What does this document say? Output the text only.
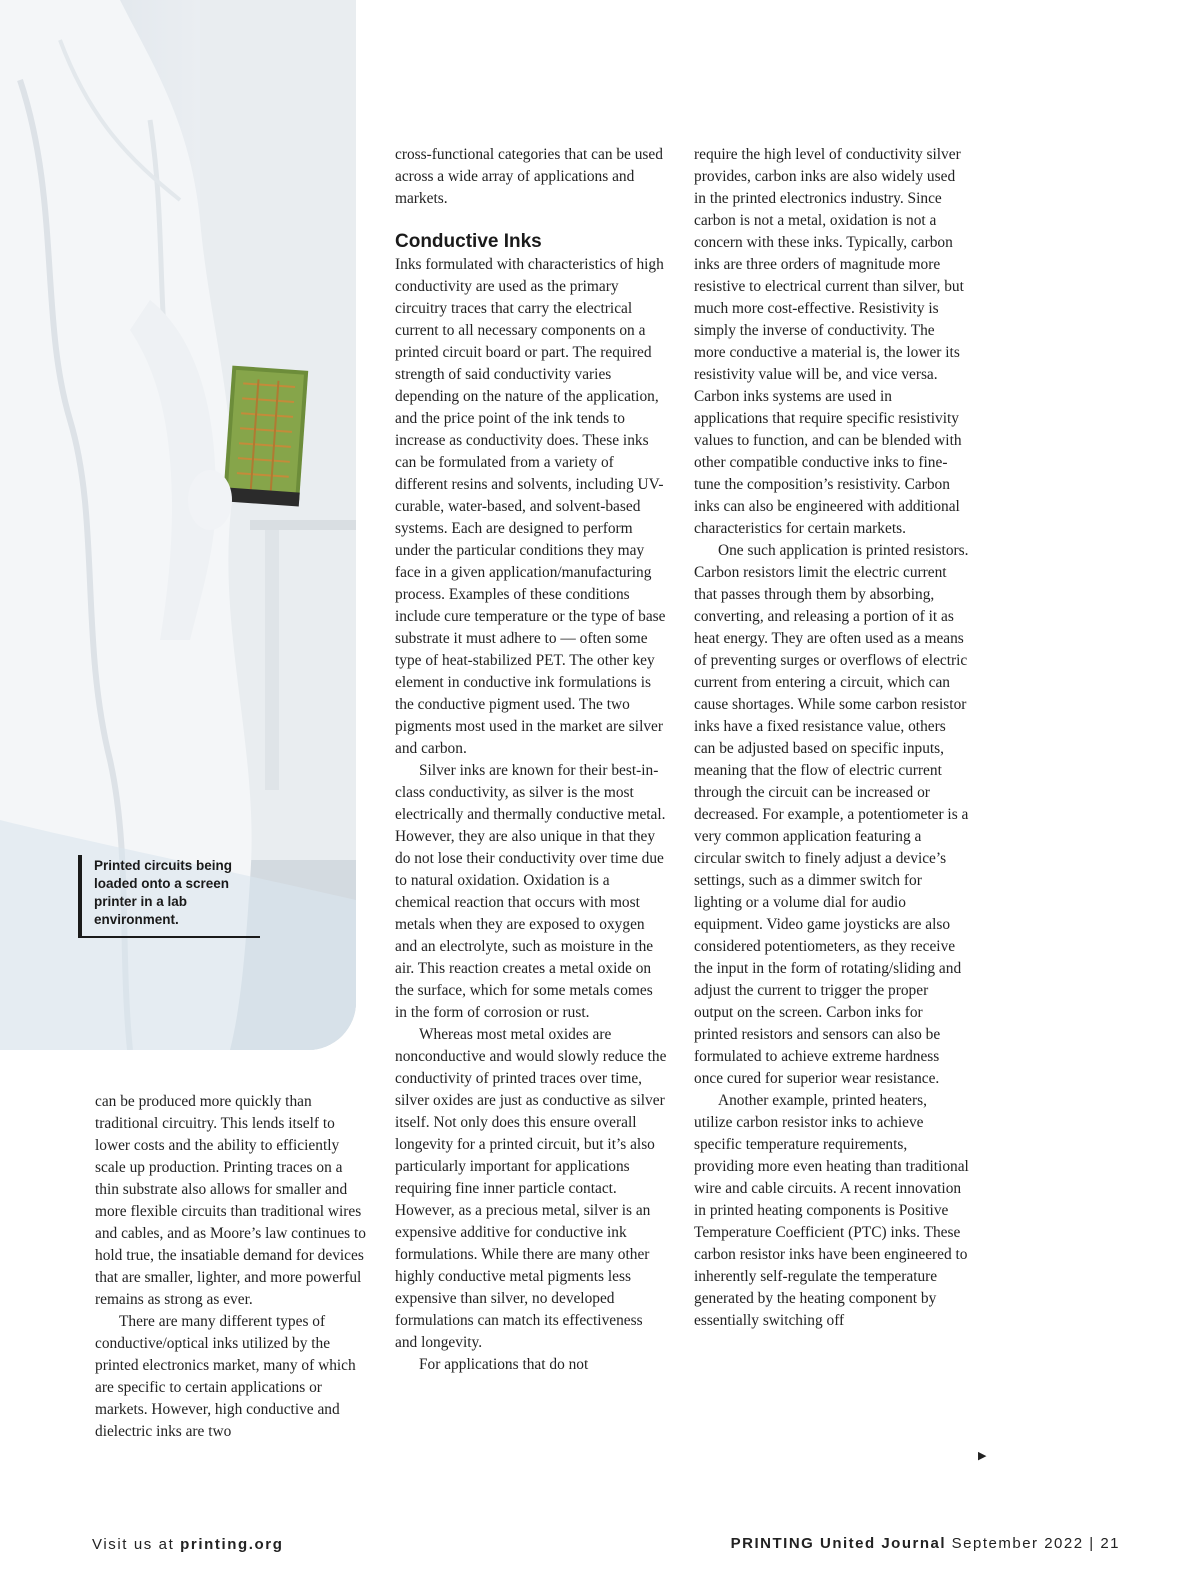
Printed circuits being loaded onto a screen printer in a lab environment.

can be produced more quickly than traditional circuitry. This lends itself to lower costs and the ability to efficiently scale up production. Printing traces on a thin substrate also allows for smaller and more flexible circuits than traditional wires and cables, and as Moore’s law continues to hold true, the insatiable demand for devices that are smaller, lighter, and more powerful remains as strong as ever.

There are many different types of conductive/optical inks utilized by the printed electronics market, many of which are specific to certain applications or markets. However, high conductive and dielectric inks are two

cross-functional categories that can be used across a wide array of applications and markets.

Conductive Inks

Inks formulated with characteristics of high conductivity are used as the primary circuitry traces that carry the electrical current to all necessary components on a printed circuit board or part. The required strength of said conductivity varies depending on the nature of the application, and the price point of the ink tends to increase as conductivity does. These inks can be formulated from a variety of different resins and solvents, including UV-curable, water-based, and solvent-based systems. Each are designed to perform under the particular conditions they may face in a given application/manufacturing process. Examples of these conditions include cure temperature or the type of base substrate it must adhere to — often some type of heat-stabilized PET. The other key element in conductive ink formulations is the conductive pigment used. The two pigments most used in the market are silver and carbon.

Silver inks are known for their best-in-class conductivity, as silver is the most electrically and thermally conductive metal. However, they are also unique in that they do not lose their conductivity over time due to natural oxidation. Oxidation is a chemical reaction that occurs with most metals when they are exposed to oxygen and an electrolyte, such as moisture in the air. This reaction creates a metal oxide on the surface, which for some metals comes in the form of corrosion or rust.

Whereas most metal oxides are nonconductive and would slowly reduce the conductivity of printed traces over time, silver oxides are just as conductive as silver itself. Not only does this ensure overall longevity for a printed circuit, but it’s also particularly important for applications requiring fine inner particle contact. However, as a precious metal, silver is an expensive additive for conductive ink formulations. While there are many other highly conductive metal pigments less expensive than silver, no developed formulations can match its effectiveness and longevity.

For applications that do not

require the high level of conductivity silver provides, carbon inks are also widely used in the printed electronics industry. Since carbon is not a metal, oxidation is not a concern with these inks. Typically, carbon inks are three orders of magnitude more resistive to electrical current than silver, but much more cost-effective. Resistivity is simply the inverse of conductivity. The more conductive a material is, the lower its resistivity value will be, and vice versa. Carbon inks systems are used in applications that require specific resistivity values to function, and can be blended with other compatible conductive inks to fine-tune the composition’s resistivity. Carbon inks can also be engineered with additional characteristics for certain markets.

One such application is printed resistors. Carbon resistors limit the electric current that passes through them by absorbing, converting, and releasing a portion of it as heat energy. They are often used as a means of preventing surges or overflows of electric current from entering a circuit, which can cause shortages. While some carbon resistor inks have a fixed resistance value, others can be adjusted based on specific inputs, meaning that the flow of electric current through the circuit can be increased or decreased. For example, a potentiometer is a very common application featuring a circular switch to finely adjust a device’s settings, such as a dimmer switch for lighting or a volume dial for audio equipment. Video game joysticks are also considered potentiometers, as they receive the input in the form of rotating/sliding and adjust the current to trigger the proper output on the screen. Carbon inks for printed resistors and sensors can also be formulated to achieve extreme hardness once cured for superior wear resistance.

Another example, printed heaters, utilize carbon resistor inks to achieve specific temperature requirements, providing more even heating than traditional wire and cable circuits. A recent innovation in printed heating components is Positive Temperature Coefficient (PTC) inks. These carbon resistor inks have been engineered to inherently self-regulate the temperature generated by the heating component by essentially switching off

▶
Visit us at printing.org	PRINTING United Journal September 2022 | 21
